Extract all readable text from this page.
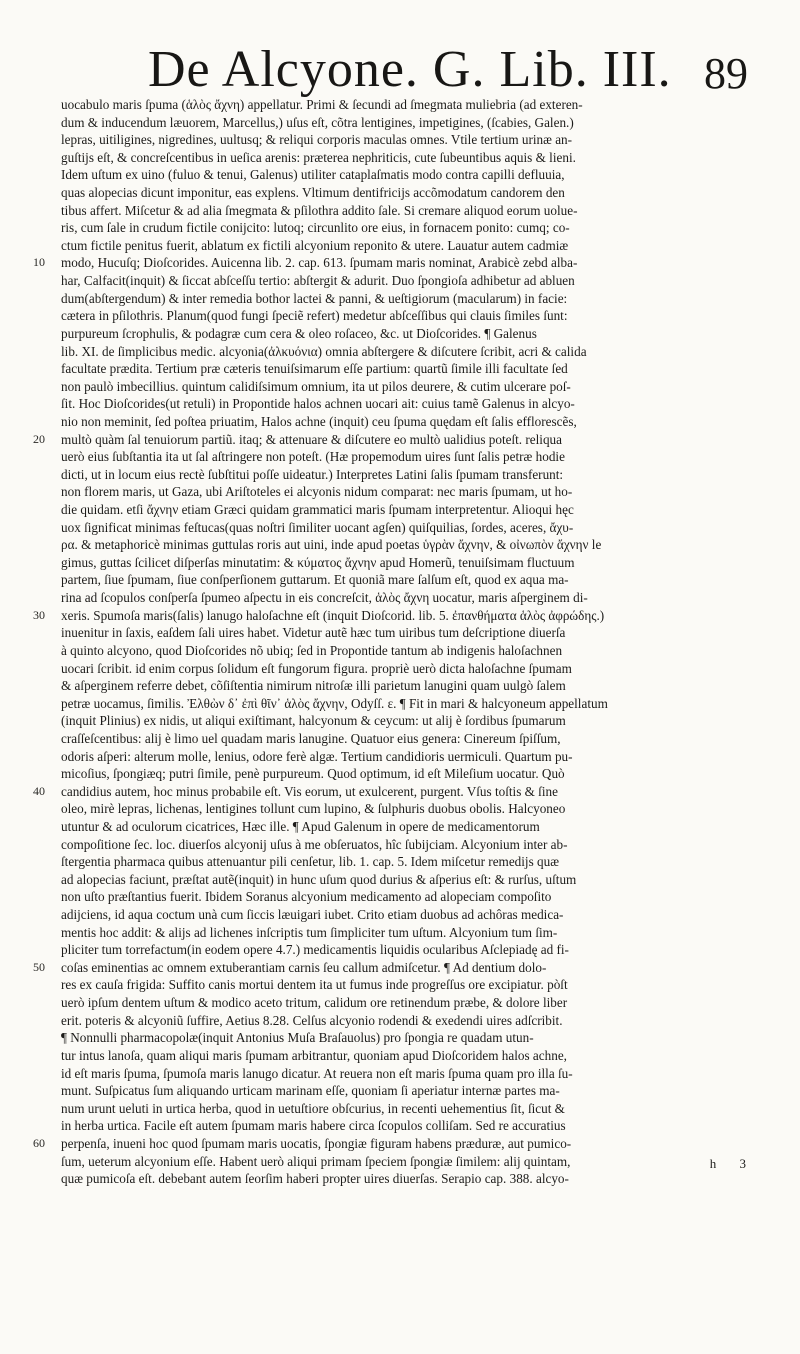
De Alcyone. G. Lib. III. 89
uocabulo maris ſpuma (ἁλὸς ἄχνη) appellatur. Primi & ſecundi ad ſmegmata muliebria (ad exteren-
dum & inducendum læuorem, Marcellus,) uſus eſt, cõtra lentigines, impetigines, (ſcabies, Galen.)
lepras, uitiligines, nigredines, uultusq; & reliqui corporis maculas omnes. Vtile tertium urinæ an-
guſtijs eſt, & concreſcentibus in ueſica arenis: præterea nephriticis, cute ſubeuntibus aquis & lieni.
Idem uſtum ex uino (fuluo & tenui, Galenus) utiliter cataplaſmatis modo contra capilli defluuia,
quas alopecias dicunt imponitur, eas explens. Vltimum dentifricijs accõmodatum candorem den
tibus affert. Miſcetur & ad alia ſmegmata & pſilothra addito ſale. Si cremare aliquod eorum uolue-
ris, cum ſale in crudum fictile conijcito: lutoq; circunlito ore eius, in fornacem ponito: cumq; co-
ctum fictile penitus fuerit, ablatum ex fictili alcyonium reponito & utere. Lauatur autem cadmiæ
10	modo, Hucuſq; Dioſcorides. Auicenna lib. 2. cap. 613. ſpumam maris nominat, Arabicè zebd alba-
har, Calfacit(inquit) & ſiccat abſceſſu tertio: abſtergit & adurit. Duo ſpongioſa adhibetur ad abluen
dum(abſtergendum) & inter remedia bothor lactei & panni, & ueſtigiorum (macularum) in facie:
cætera in pſilothris. Planum(quod fungi ſpeciẽ refert) medetur abſceſſibus qui clauis ſimiles ſunt:
purpureum ſcrophulis, & podagræ cum cera & oleo roſaceo, &c. ut Dioſcorides. ¶ Galenus
lib. XI. de ſimplicibus medic. alcyonia(ἀλκυόνια) omnia abſtergere & diſcutere ſcribit, acri & calida
facultate prædita. Tertium præ cæteris tenuiſsimarum eſſe partium: quartũ ſimile illi facultate ſed
non paulò imbecillius. quintum calidiſsimum omnium, ita ut pilos deurere, & cutim ulcerare poſ-
ſit. Hoc Dioſcorides(ut retuli) in Propontide halos achnen uocari ait: cuius tamẽ Galenus in alcyo-
nio non meminit, ſed poſtea priuatim, Halos achne (inquit) ceu ſpuma quędam eſt ſalis efflorescẽs,
20	multò quàm ſal tenuiorum partiũ. itaq; & attenuare & diſcutere eo multò ualidius poteſt. reliqua
uerò eius ſubſtantia ita ut ſal aſtringere non poteſt. (Hæ propemodum uires ſunt ſalis petræ hodie
dicti, ut in locum eius rectè ſubſtitui poſſe uideatur.) Interpretes Latini ſalis ſpumam transferunt:
non florem maris, ut Gaza, ubi Ariſtoteles ei alcyonis nidum comparat: nec maris ſpumam, ut ho-
die quidam. etſi ἄχνην etiam Græci quidam grammatici maris ſpumam interpretentur. Alioqui hęc
uox ſignificat minimas feſtucas(quas noſtri ſimiliter uocant agſen) quiſquilias, ſordes, aceres, ἄχυ-
ρα. & metaphoricè minimas guttulas roris aut uini, inde apud poetas ὑγρὰν ἄχνην, & οἰνωπὸν ἄχνην le
gimus, guttas ſcilicet diſperſas minutatim: & κύματος ἄχνην apud Homerũ, tenuiſsimam fluctuum
partem, ſiue ſpumam, ſiue conſperſionem guttarum. Et quoniã mare ſalſum eſt, quod ex aqua ma-
rina ad ſcopulos conſperſa ſpumeo aſpectu in eis concreſcit, ἁλὸς ἄχνη uocatur, maris aſperginem di-
30	xeris. Spumoſa maris(ſalis) lanugo haloſachne eſt (inquit Dioſcorid. lib. 5. ἐπανθήματα ἁλὸς ἀφρώδης.)
inuenitur in ſaxis, eaſdem ſali uires habet. Videtur autẽ hæc tum uiribus tum deſcriptione diuerſa
à quinto alcyono, quod Dioſcorides nõ ubiq; ſed in Propontide tantum ab indigenis haloſachnen
uocari ſcribit. id enim corpus ſolidum eſt fungorum figura. propriè uerò dicta haloſachne ſpumam
& aſperginem referre debet, cõſiſtentia nimirum nitroſæ illi parietum lanugini quam uulgò ſalem
petræ uocamus, ſimilis. Ἐλθὼν δ᾽ ἐπὶ θῖν᾽ ἁλὸς ἄχνην, Odyſſ. ε. ¶ Fit in mari & halcyoneum appellatum
(inquit Plinius) ex nidis, ut aliqui exiſtimant, halcyonum & ceycum: ut alij è ſordibus ſpumarum
craſſeſcentibus: alij è limo uel quadam maris lanugine. Quatuor eius genera: Cinereum ſpiſſum,
odoris aſperi: alterum molle, lenius, odore ferè algæ. Tertium candidioris uermiculi. Quartum pu-
micoſius, ſpongiæq; putri ſimile, penè purpureum. Quod optimum, id eſt Mileſium uocatur. Quò
40	candidius autem, hoc minus probabile eſt. Vis eorum, ut exulcerent, purgent. Vſus toſtis & ſine
oleo, mirè lepras, lichenas, lentigines tollunt cum lupino, & ſulphuris duobus obolis. Halcyoneo
utuntur & ad oculorum cicatrices, Hæc ille. ¶ Apud Galenum in opere de medicamentorum
compoſitione ſec. loc. diuerſos alcyonij uſus à me obſeruatos, hîc ſubijciam. Alcyonium inter ab-
ſtergentia pharmaca quibus attenuantur pili cenſetur, lib. 1. cap. 5. Idem miſcetur remedijs quæ
ad alopecias faciunt, præſtat autẽ(inquit) in hunc uſum quod durius & aſperius eſt: & rurſus, uſtum
non uſto præſtantius fuerit. Ibidem Soranus alcyonium medicamento ad alopeciam compoſito
adijciens, id aqua coctum unà cum ſiccis læuigari iubet. Crito etiam duobus ad achôras medica-
mentis hoc addit: & alijs ad lichenes inſcriptis tum ſimpliciter tum uſtum. Alcyonium tum ſim-
pliciter tum torrefactum(in eodem opere 4.7.) medicamentis liquidis ocularibus Aſclepiadę ad fi-
50	coſas eminentias ac omnem extuberantiam carnis ſeu callum admiſcetur. ¶ Ad dentium dolo-
res ex cauſa frigida: Suffito canis mortui dentem ita ut fumus inde progreſſus ore excipiatur. pòſt
uerò ipſum dentem uſtum & modico aceto tritum, calidum ore retinendum præbe, & dolore liber
erit. poteris & alcyoniũ ſuffire, Aetius 8.28. Celſus alcyonio rodendi & exedendi uires adſcribit.
¶ Nonnulli pharmacopolæ(inquit Antonius Muſa Braſauolus) pro ſpongia re quadam utun-
tur intus lanoſa, quam aliqui maris ſpumam arbitrantur, quoniam apud Dioſcoridem halos achne,
id eſt maris ſpuma, ſpumoſa maris lanugo dicatur. At reuera non eſt maris ſpuma quam pro illa ſu-
munt. Suſpicatus ſum aliquando urticam marinam eſſe, quoniam ſi aperiatur internæ partes ma-
num urunt ueluti in urtica herba, quod in uetuſtiore obſcurius, in recenti uehementius ſit, ſicut &
in herba urtica. Facile eſt autem ſpumam maris habere circa ſcopulos colliſam. Sed re accuratius
60	perpenſa, inueni hoc quod ſpumam maris uocatis, ſpongiæ figuram habens præduræ, aut pumico-
ſum, ueterum alcyonium eſſe. Habent uerò aliqui primam ſpeciem ſpongiæ ſimilem: alij quintam,
quæ pumicoſa eſt. debebant autem ſeorſim haberi propter uires diuerſas. Serapio cap. 388. alcyo-
h 3
